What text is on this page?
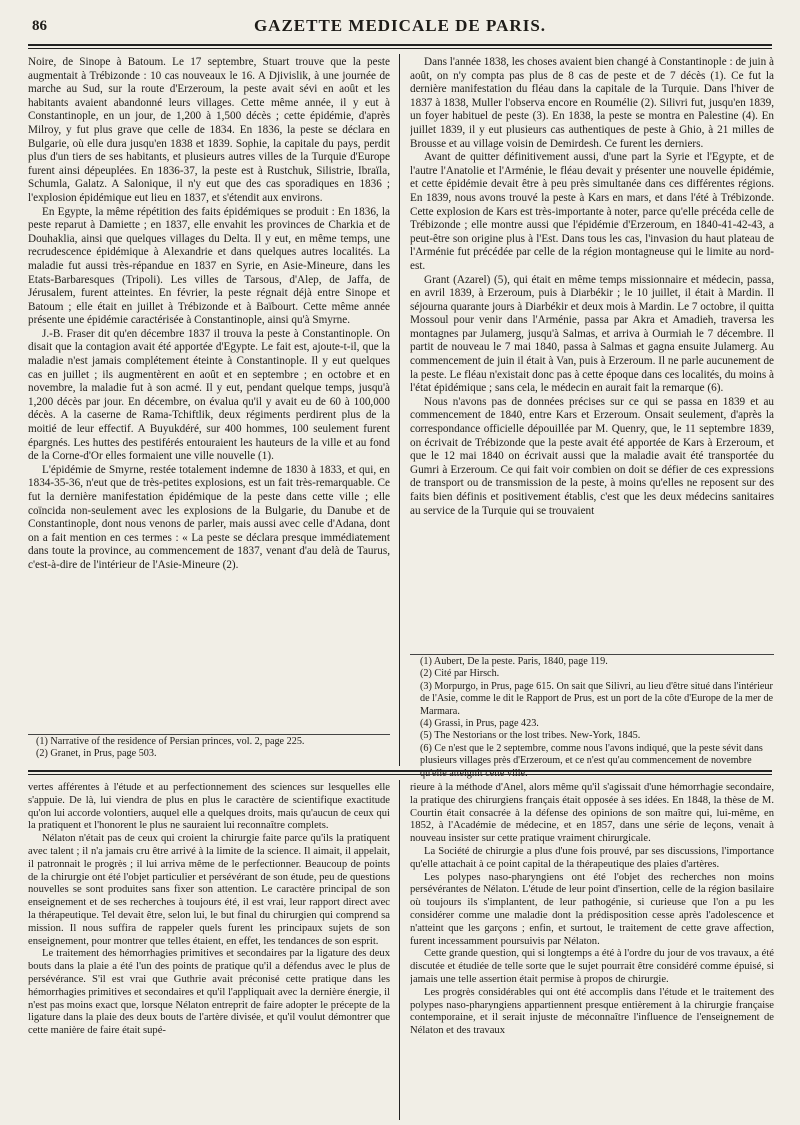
86	GAZETTE MEDICALE DE PARIS.

Noire, de Sinope à Batoum. Le 17 septembre, Stuart trouve que la peste augmentait à Trébizonde : 10 cas nouveaux le 16. A Djivislik, à une journée de marche au Sud, sur la route d'Erzeroum, la peste avait sévi en août et les habitants avaient abandonné leurs villages. Cette même année, il y eut à Constantinople, en un jour, de 1,200 à 1,500 décès ; cette épidémie, d'après Milroy, y fut plus grave que celle de 1834. En 1836, la peste se déclara en Bulgarie, où elle dura jusqu'en 1838 et 1839. Sophie, la capitale du pays, perdit plus d'un tiers de ses habitants, et plusieurs autres villes de la Turquie d'Europe furent ainsi dépeuplées. En 1836-37, la peste est à Rustchuk, Silistrie, Ibraïla, Schumla, Galatz. A Salonique, il n'y eut que des cas sporadiques en 1836 ; l'explosion épidémique eut lieu en 1837, et s'étendit aux environs.

En Egypte, la même répétition des faits épidémiques se produit : En 1836, la peste reparut à Damiette ; en 1837, elle envahit les provinces de Charkia et de Douhaklia, ainsi que quelques villages du Delta. Il y eut, en même temps, une recrudescence épidémique à Alexandrie et dans quelques autres localités. La maladie fut aussi très-répandue en 1837 en Syrie, en Asie-Mineure, dans les Etats-Barbaresques (Tripoli). Les villes de Tarsous, d'Alep, de Jaffa, de Jérusalem, furent atteintes. En février, la peste régnait déjà entre Sinope et Batoum ; elle était en juillet à Trébizonde et à Baïbourt. Cette même année présente une épidémie caractérisée à Constantinople, ainsi qu'à Smyrne.

J.-B. Fraser dit qu'en décembre 1837 il trouva la peste à Constantinople. On disait que la contagion avait été apportée d'Egypte. Le fait est, ajoute-t-il, que la maladie n'est jamais complétement éteinte à Constantinople. Il y eut quelques cas en juillet ; ils augmentèrent en août et en septembre ; en octobre et en novembre, la maladie fut à son acmé. Il y eut, pendant quelque temps, jusqu'à 1,200 décès par jour. En décembre, on évalua qu'il y avait eu de 60 à 100,000 décès. A la caserne de Rama-Tchiftlik, deux régiments perdirent plus de la moitié de leur effectif. A Buyukdéré, sur 400 hommes, 100 seulement furent épargnés. Les huttes des pestiférés entouraient les hauteurs de la ville et au fond de la Corne-d'Or elles formaient une ville nouvelle (1).

L'épidémie de Smyrne, restée totalement indemne de 1830 à 1833, et qui, en 1834-35-36, n'eut que de très-petites explosions, est un fait très-remarquable. Ce fut la dernière manifestation épidémique de la peste dans cette ville ; elle coïncida non-seulement avec les explosions de la Bulgarie, du Danube et de Constantinople, dont nous venons de parler, mais aussi avec celle d'Adana, dont on a fait mention en ces termes : « La peste se déclara presque immédiatement dans toute la province, au commencement de 1837, venant d'au delà de Taurus, c'est-à-dire de l'intérieur de l'Asie-Mineure (2).

(1) Narrative of the residence of Persian princes, vol. 2, page 225.
(2) Granet, in Prus, page 503.

Dans l'année 1838, les choses avaient bien changé à Constantinople : de juin à août, on n'y compta pas plus de 8 cas de peste et de 7 décès (1). Ce fut la dernière manifestation du fléau dans la capitale de la Turquie. Dans l'hiver de 1837 à 1838, Muller l'observa encore en Roumélie (2). Silivri fut, jusqu'en 1839, un foyer habituel de peste (3). En 1838, la peste se montra en Palestine (4). En juillet 1839, il y eut plusieurs cas authentiques de peste à Ghio, à 21 milles de Brousse et au village voisin de Demirdesh. Ce furent les derniers.

Avant de quitter définitivement aussi, d'une part la Syrie et l'Egypte, et de l'autre l'Anatolie et l'Arménie, le fléau devait y présenter une nouvelle épidémie, et cette épidémie devait être à peu près simultanée dans ces différentes régions. En 1839, nous avons trouvé la peste à Kars en mars, et dans l'été à Trébizonde. Cette explosion de Kars est très-importante à noter, parce qu'elle précéda celle de Trébizonde ; elle montre aussi que l'épidémie d'Erzeroum, en 1840-41-42-43, a peut-être son origine plus à l'Est. Dans tous les cas, l'invasion du haut plateau de l'Arménie fut précédée par celle de la région montagneuse qui le limite au nord-est.

Grant (Azarel) (5), qui était en même temps missionnaire et médecin, passa, en avril 1839, à Erzeroum, puis à Diarbékir ; le 10 juillet, il était à Mardin. Il séjourna quarante jours à Diarbékir et deux mois à Mardin. Le 7 octobre, il quitta Mossoul pour venir dans l'Arménie, passa par Akra et Amadieh, traversa les montagnes par Julamerg, jusqu'à Salmas, et arriva à Ourmiah le 7 décembre. Il partit de nouveau le 7 mai 1840, passa à Salmas et gagna ensuite Julamerg. Au commencement de juin il était à Van, puis à Erzeroum. Il ne parle aucunement de la peste. Le fléau n'existait donc pas à cette époque dans ces localités, du moins à l'état épidémique ; sans cela, le médecin en aurait fait la remarque (6).

Nous n'avons pas de données précises sur ce qui se passa en 1839 et au commencement de 1840, entre Kars et Erzeroum. Onsait seulement, d'après la correspondance officielle dépouillée par M. Quenry, que, le 11 septembre 1839, on écrivait de Trébizonde que la peste avait été apportée de Kars à Erzeroum, et que le 12 mai 1840 on écrivait aussi que la maladie avait été transportée du Gumri à Erzeroum. Ce qui fait voir combien on doit se défier de ces expressions de transport ou de transmission de la peste, à moins qu'elles ne reposent sur des faits bien définis et positivement établis, c'est que les deux médecins sanitaires au service de la Turquie qui se trouvaient

(1) Aubert, De la peste. Paris, 1840, page 119.
(2) Cité par Hirsch.
(3) Morpurgo, in Prus, page 615. On sait que Silivri, au lieu d'être situé dans l'intérieur de l'Asie, comme le dit le Rapport de Prus, est un port de la côte d'Europe de la mer de Marmara.
(4) Grassi, in Prus, page 423.
(5) The Nestorians or the lost tribes. New-York, 1845.
(6) Ce n'est que le 2 septembre, comme nous l'avons indiqué, que la peste sévit dans plusieurs villages près d'Erzeroum, et ce n'est qu'au commencement de novembre qu'elle atteignit cette ville.

vertes afférentes à l'étude et au perfectionnement des sciences sur lesquelles elle s'appuie. De là, lui viendra de plus en plus le caractère de scientifique exactitude qu'on lui accorde volontiers, auquel elle a quelques droits, mais qu'aucun de ceux qui la pratiquent et l'honorent le plus ne sauraient lui reconnaître complets.

Nélaton n'était pas de ceux qui croient la chirurgie faite parce qu'ils la pratiquent avec talent ; il n'a jamais cru être arrivé à la limite de la science. Il aimait, il appelait, il patronnait le progrès ; il lui arriva même de le perfectionner. Beaucoup de points de la chirurgie ont été l'objet particulier et persévérant de son étude, peu de questions nouvelles se sont produites sans fixer son attention. Le caractère principal de son enseignement et de ses recherches à toujours été, il est vrai, leur rapport direct avec la thérapeutique. Tel devait être, selon lui, le but final du chirurgien qui comprend sa mission. Il nous suffira de rappeler quels furent les principaux sujets de son enseignement, pour montrer que telles étaient, en effet, les tendances de son esprit.

Le traitement des hémorrhagies primitives et secondaires par la ligature des deux bouts dans la plaie a été l'un des points de pratique qu'il a défendus avec le plus de persévérance. S'il est vrai que Guthrie avait préconisé cette pratique dans les hémorrhagies primitives et secondaires et qu'il l'appliquait avec la dernière énergie, il n'est pas moins exact que, lorsque Nélaton entreprit de faire adopter le précepte de la ligature dans la plaie des deux bouts de l'artère divisée, et qu'il voulut démontrer que cette manière de faire était supé-

rieure à la méthode d'Anel, alors même qu'il s'agissait d'une hémorrhagie secondaire, la pratique des chirurgiens français était opposée à ses idées. En 1848, la thèse de M. Courtin était consacrée à la défense des opinions de son maître qui, lui-même, en 1852, à l'Académie de médecine, et en 1857, dans une série de leçons, venait à nouveau insister sur cette pratique vraiment chirurgicale.

La Société de chirurgie a plus d'une fois prouvé, par ses discussions, l'importance qu'elle attachait à ce point capital de la thérapeutique des plaies d'artères.

Les polypes naso-pharyngiens ont été l'objet des recherches non moins persévérantes de Nélaton. L'étude de leur point d'insertion, celle de la région basilaire où toujours ils s'implantent, de leur pathogénie, si curieuse que l'on a pu les considérer comme une maladie dont la prédisposition cesse après l'adolescence et n'atteint que les garçons ; enfin, et surtout, le traitement de cette grave affection, furent incessamment poursuivis par Nélaton.

Cette grande question, qui si longtemps a été à l'ordre du jour de vos travaux, a été discutée et étudiée de telle sorte que le sujet pourrait être considéré comme épuisé, si jamais une telle assertion était permise à propos de chirurgie.

Les progrès considérables qui ont été accomplis dans l'étude et le traitement des polypes naso-pharyngiens appartiennent presque entièrement à la chirurgie française contemporaine, et il serait injuste de méconnaître l'influence de l'enseignement de Nélaton et des travaux
